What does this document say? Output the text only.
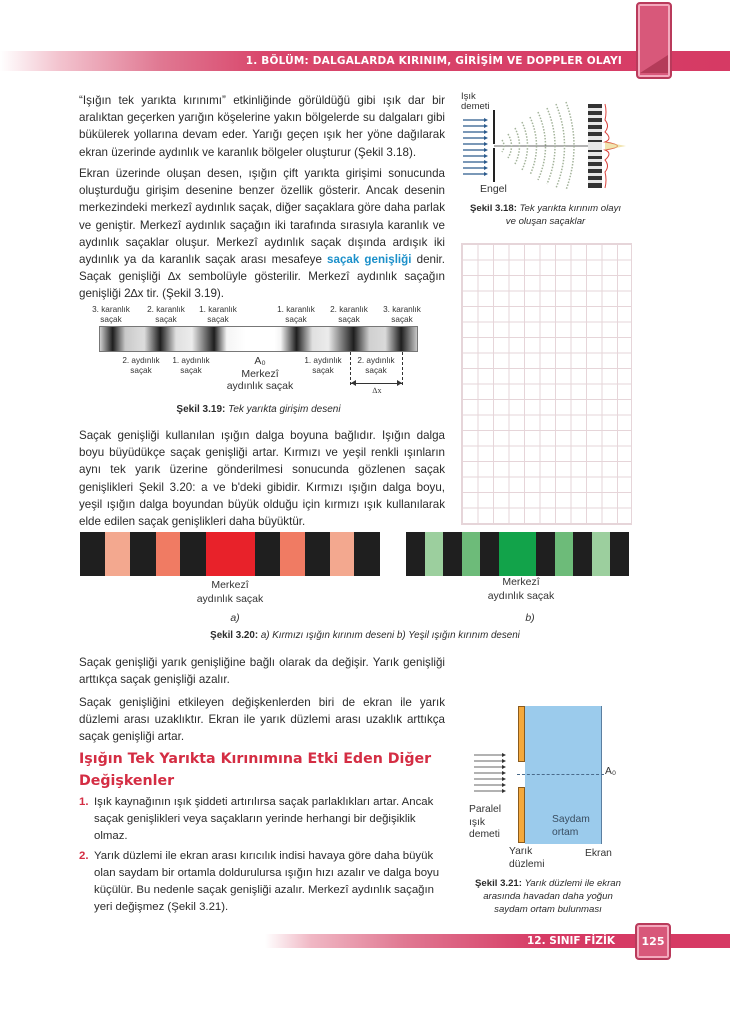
1. BÖLÜM: DALGALARDA KIRINIM, GİRİŞİM VE DOPPLER OLAYI

“Işığın tek yarıkta kırınımı” etkinliğinde görüldüğü gibi ışık dar bir aralıktan geçerken yarığın köşelerine yakın bölgelerde su dalgaları gibi bükülerek yollarına devam eder. Yarığı geçen ışık her yöne dağılarak ekran üzerinde aydınlık ve karanlık bölgeler oluşturur (Şekil 3.18).

Ekran üzerinde oluşan desen, ışığın çift yarıkta girişimi sonucunda oluşturduğu girişim desenine benzer özellik gösterir. Ancak desenin merkezindeki merkezî aydınlık saçak, diğer saçaklara göre daha parlak ve geniştir. Merkezî aydınlık saçağın iki tarafında sırasıyla karanlık ve aydınlık saçaklar oluşur. Merkezî aydınlık saçak dışında ardışık iki aydınlık ya da karanlık saçak arası mesafeye saçak genişliği denir. Saçak genişliği ∆x sembolüyle gösterilir. Merkezî aydınlık saçağın genişliği 2∆x tir. (Şekil 3.19).

Işık
demeti
Engel
Şekil 3.18: Tek yarıkta kırınım olayı
ve oluşan saçaklar
3. karanlık
saçak
2. karanlık
saçak
1. karanlık
saçak
1. karanlık
saçak
2. karanlık
saçak
3. karanlık
saçak
2. aydınlık
saçak
1. aydınlık
saçak
1. aydınlık
saçak
2. aydınlık
saçak
A₀
Merkezî
aydınlık saçak	∆x
Şekil 3.19: Tek yarıkta girişim deseni

Saçak genişliği kullanılan ışığın dalga boyuna bağlıdır. Işığın dalga boyu büyüdükçe saçak genişliği artar. Kırmızı ve yeşil renkli ışınların aynı tek yarık üzerine gönderilmesi sonucunda gözlenen saçak genişlikleri Şekil 3.20: a ve b'deki gibidir. Kırmızı ışığın dalga boyu, yeşil ışığın dalga boyundan büyük olduğu için kırmızı ışık kullanılarak elde edilen saçak genişlikleri daha büyüktür.

Merkezî
aydınlık saçak
Merkezî
aydınlık saçak
a)	b)
Şekil 3.20: a) Kırmızı ışığın kırınım deseni b) Yeşil ışığın kırınım deseni

Saçak genişliği yarık genişliğine bağlı olarak da değişir. Yarık genişliği arttıkça saçak genişliği azalır.

Saçak genişliğini etkileyen değişkenlerden biri de ekran ile yarık düzlemi arası uzaklıktır. Ekran ile yarık düzlemi arası uzaklık arttıkça saçak genişliği artar.

Işığın Tek Yarıkta Kırınımına Etki Eden Diğer Değişkenler
1. Işık kaynağının ışık şiddeti artırılırsa saçak parlaklıkları artar. Ancak saçak genişlikleri veya saçakların yerinde herhangi bir değişiklik olmaz.
2. Yarık düzlemi ile ekran arası kırıcılık indisi havaya göre daha büyük olan saydam bir ortamla doldurulursa ışığın hızı azalır ve dalga boyu küçülür. Bu nedenle saçak genişliği azalır. Merkezî aydınlık saçağın yeri değişmez (Şekil 3.21).
A₀
Paralel
ışık
demeti
Saydam
ortam
Yarık
düzlemi
Ekran
Şekil 3.21: Yarık düzlemi ile ekran
arasında havadan daha yoğun
saydam ortam bulunması
12. SINIF FİZİK	125
